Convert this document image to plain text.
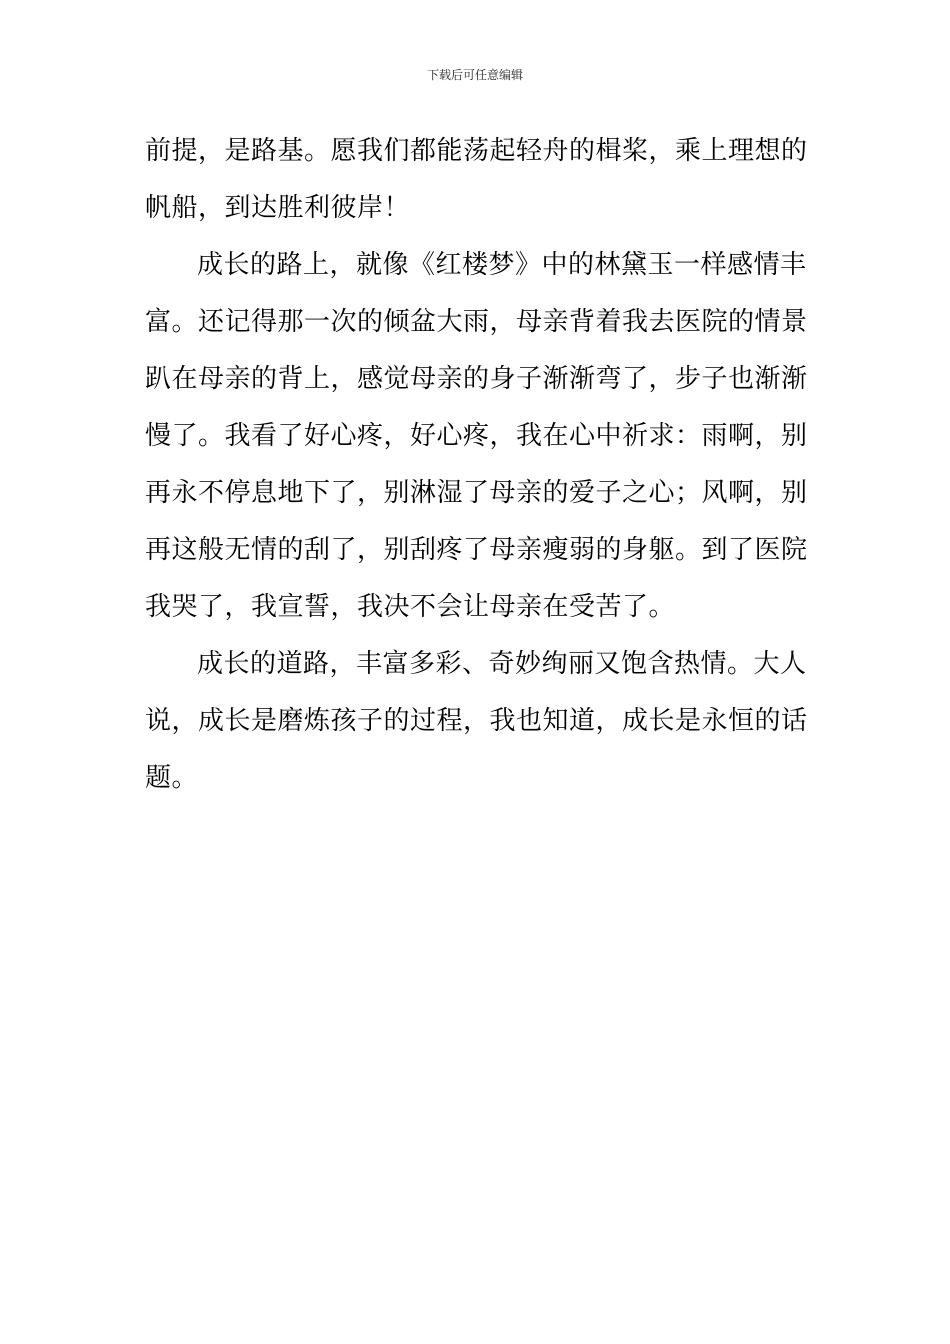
下载后可任意编辑
前提，是路基。愿我们都能荡起轻舟的楫桨，乘上理想的
帆船，到达胜利彼岸！
成长的路上，就像《红楼梦》中的林黛玉一样感情丰
富。还记得那一次的倾盆大雨，母亲背着我去医院的情景
趴在母亲的背上，感觉母亲的身子渐渐弯了，步子也渐渐
慢了。我看了好心疼，好心疼，我在心中祈求：雨啊，别
再永不停息地下了，别淋湿了母亲的爱子之心；风啊，别
再这般无情的刮了，别刮疼了母亲瘦弱的身躯。到了医院
我哭了，我宣誓，我决不会让母亲在受苦了。
成长的道路，丰富多彩、奇妙绚丽又饱含热情。大人
说，成长是磨炼孩子的过程，我也知道，成长是永恒的话
题。
